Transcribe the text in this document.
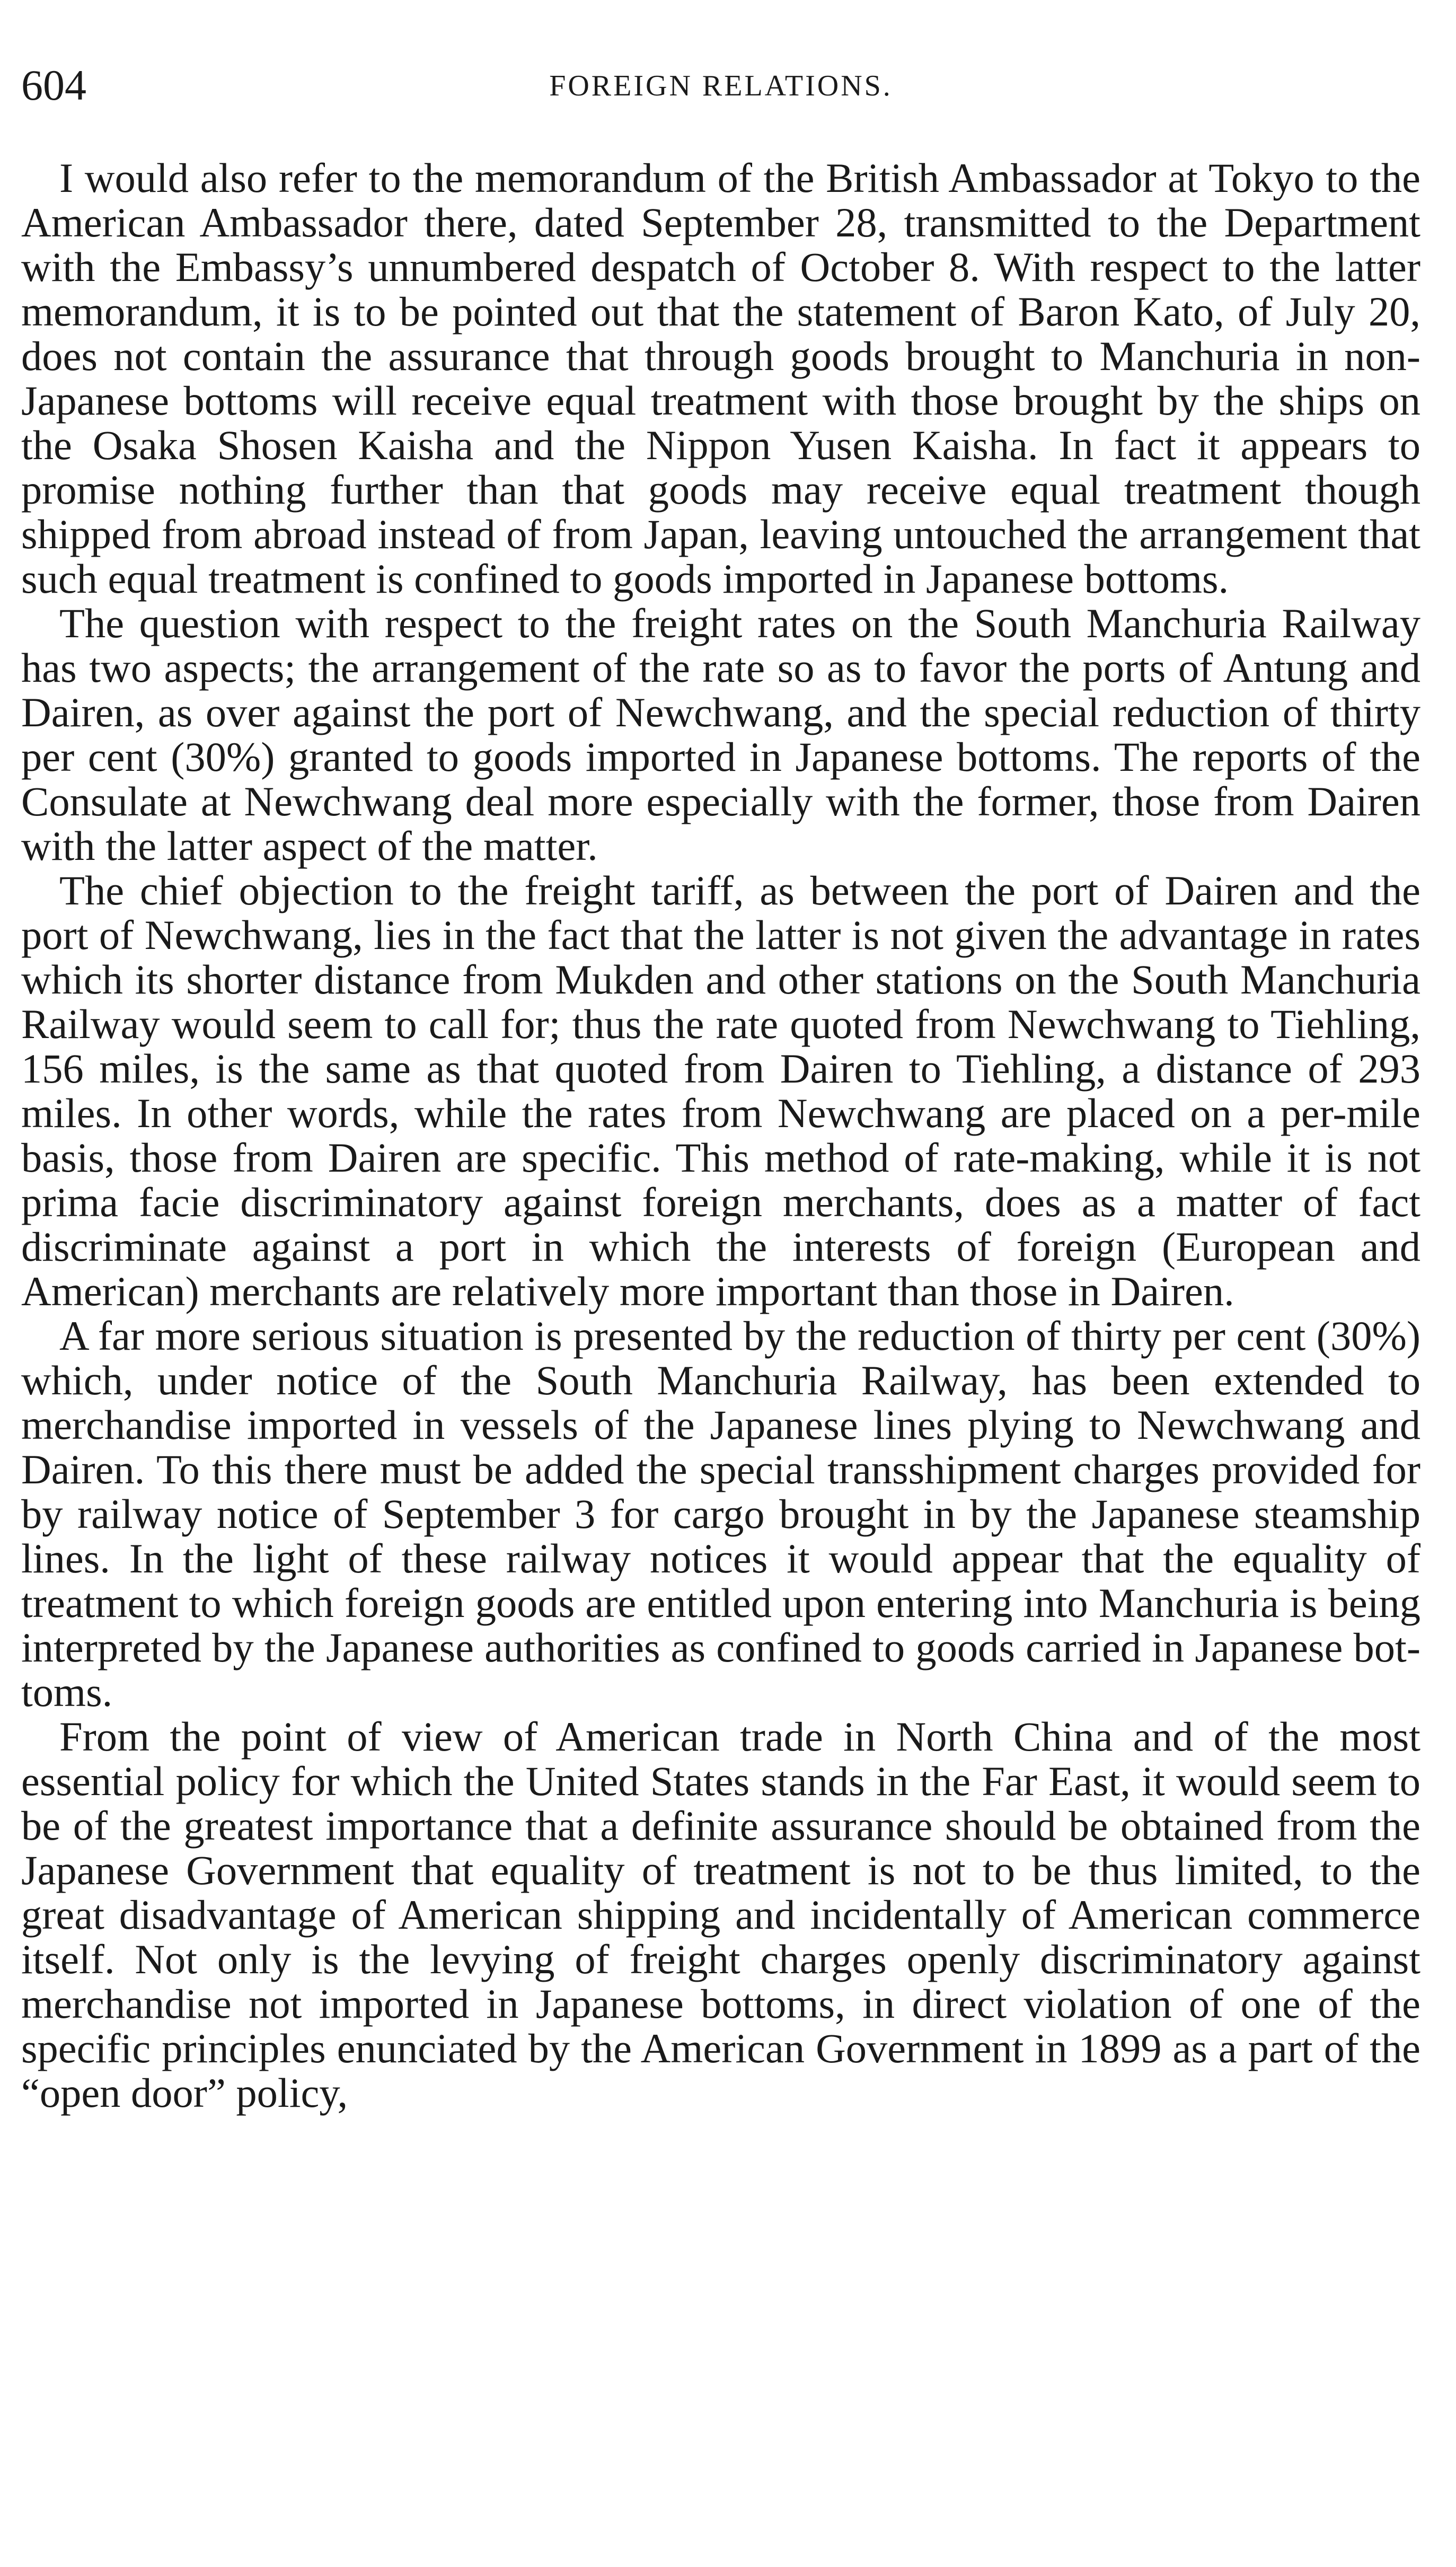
604	FOREIGN RELATIONS.

I would also refer to the memorandum of the British Ambassador at Tokyo to the American Ambassador there, dated September 28, transmitted to the Department with the Embassy’s unnumbered despatch of October 8. With respect to the latter memorandum, it is to be pointed out that the statement of Baron Kato, of July 20, does not contain the assurance that through goods brought to Manchuria in non-Japanese bottoms will receive equal treatment with those brought by the ships on the Osaka Shosen Kaisha and the Nippon Yusen Kaisha. In fact it appears to promise nothing further than that goods may receive equal treatment though shipped from abroad instead of from Japan, leaving untouched the arrangement that such equal treatment is confined to goods imported in Japanese bottoms.

The question with respect to the freight rates on the South Manchuria Railway has two aspects; the arrangement of the rate so as to favor the ports of Antung and Dairen, as over against the port of Newchwang, and the special reduction of thirty per cent (30%) granted to goods imported in Japanese bottoms. The reports of the Consulate at Newchwang deal more especially with the former, those from Dairen with the latter aspect of the matter.

The chief objection to the freight tariff, as between the port of Dairen and the port of Newchwang, lies in the fact that the latter is not given the advantage in rates which its shorter distance from Mukden and other stations on the South Manchuria Railway would seem to call for; thus the rate quoted from Newchwang to Tiehling, 156 miles, is the same as that quoted from Dairen to Tiehling, a distance of 293 miles. In other words, while the rates from Newchwang are placed on a per-mile basis, those from Dairen are specific. This method of rate-making, while it is not prima facie discriminatory against foreign merchants, does as a matter of fact discriminate against a port in which the interests of foreign (European and American) merchants are relatively more important than those in Dairen.

A far more serious situation is presented by the reduction of thirty per cent (30%) which, under notice of the South Manchuria Railway, has been extended to merchandise imported in vessels of the Japanese lines plying to Newchwang and Dairen. To this there must be added the special transshipment charges provided for by railway notice of September 3 for cargo brought in by the Japanese steamship lines. In the light of these railway notices it would appear that the equality of treatment to which foreign goods are entitled upon entering into Manchuria is being interpreted by the Japanese authorities as confined to goods carried in Japanese bottoms.

From the point of view of American trade in North China and of the most essential policy for which the United States stands in the Far East, it would seem to be of the greatest importance that a definite assurance should be obtained from the Japanese Government that equality of treatment is not to be thus limited, to the great disadvantage of American shipping and incidentally of American commerce itself. Not only is the levying of freight charges openly discriminatory against merchandise not imported in Japanese bottoms, in direct violation of one of the specific principles enunciated by the American Government in 1899 as a part of the “open door” policy,
